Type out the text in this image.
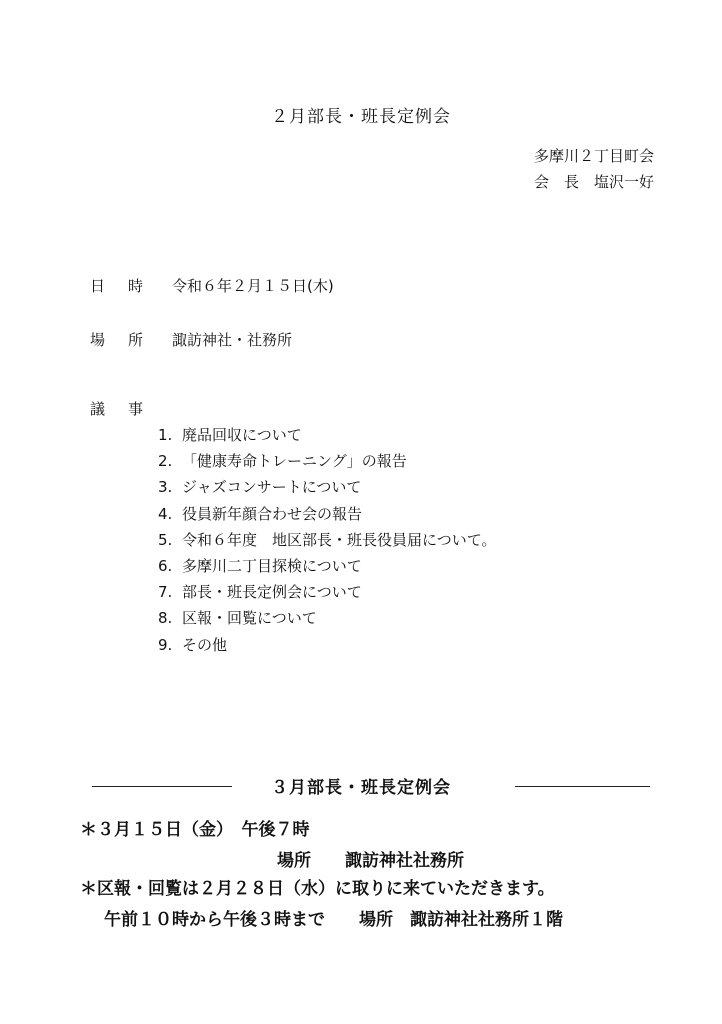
２月部長・班長定例会
多摩川２丁目町会
会　長　塩沢一好
日　時 令和６年２月１５日(木)
場　所 諏訪神社・社務所
議　事
1. 廃品回収について
2. 「健康寿命トレーニング」の報告
3. ジャズコンサートについて
4. 役員新年顔合わせ会の報告
5. 令和６年度　地区部長・班長役員届について。
6. 多摩川二丁目探検について
7. 部長・班長定例会について
8. 区報・回覧について
9. その他
３月部長・班長定例会
＊３月１５日（金）　午後７時
場所　　諏訪神社社務所
＊区報・回覧は２月２８日（水）に取りに来ていただきます。
午前１０時から午後３時まで　　場所　諏訪神社社務所１階
